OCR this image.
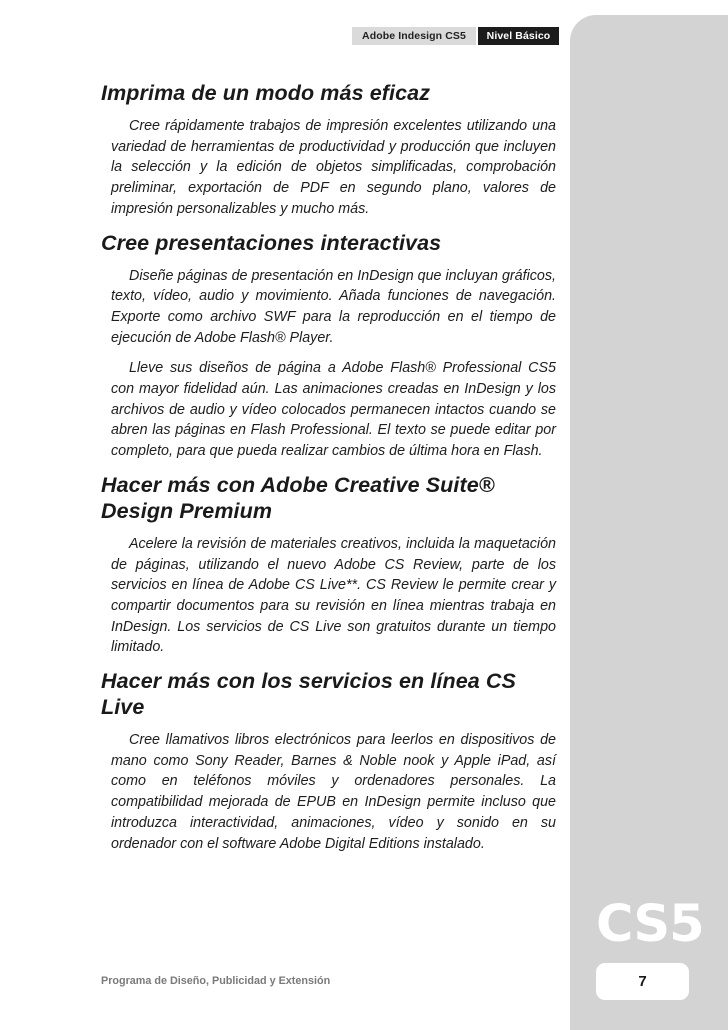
Adobe Indesign CS5	Nivel Básico
Imprima de un modo más eficaz

Cree rápidamente trabajos de impresión excelentes utilizando una variedad de herramientas de productividad y producción que incluyen la selección y la edición de objetos simplificadas, comprobación preliminar, exportación de PDF en segundo plano, valores de impresión personalizables y mucho más.

Cree presentaciones interactivas

Diseñe páginas de presentación en InDesign que incluyan gráficos, texto, vídeo, audio y movimiento. Añada funciones de navegación. Exporte como archivo SWF para la reproducción en el tiempo de ejecución de Adobe Flash® Player.

Lleve sus diseños de página a Adobe Flash® Professional CS5 con mayor fidelidad aún. Las animaciones creadas en InDesign y los archivos de audio y vídeo colocados permanecen intactos cuando se abren las páginas en Flash Professional. El texto se puede editar por completo, para que pueda realizar cambios de última hora en Flash.

Hacer más con Adobe Creative Suite® Design Premium

Acelere la revisión de materiales creativos, incluida la maquetación de páginas, utilizando el nuevo Adobe CS Review, parte de los servicios en línea de Adobe CS Live**. CS Review le permite crear y compartir documentos para su revisión en línea mientras trabaja en InDesign. Los servicios de CS Live son gratuitos durante un tiempo limitado.

Hacer más con los servicios en línea CS Live

Cree llamativos libros electrónicos para leerlos en dispositivos de mano como Sony Reader, Barnes & Noble nook y Apple iPad, así como en teléfonos móviles y ordenadores personales. La compatibilidad mejorada de EPUB en InDesign permite incluso que introduzca interactividad, animaciones, vídeo y sonido en su ordenador con el software Adobe Digital Editions instalado.

CS5
7
Programa de Diseño, Publicidad y Extensión
